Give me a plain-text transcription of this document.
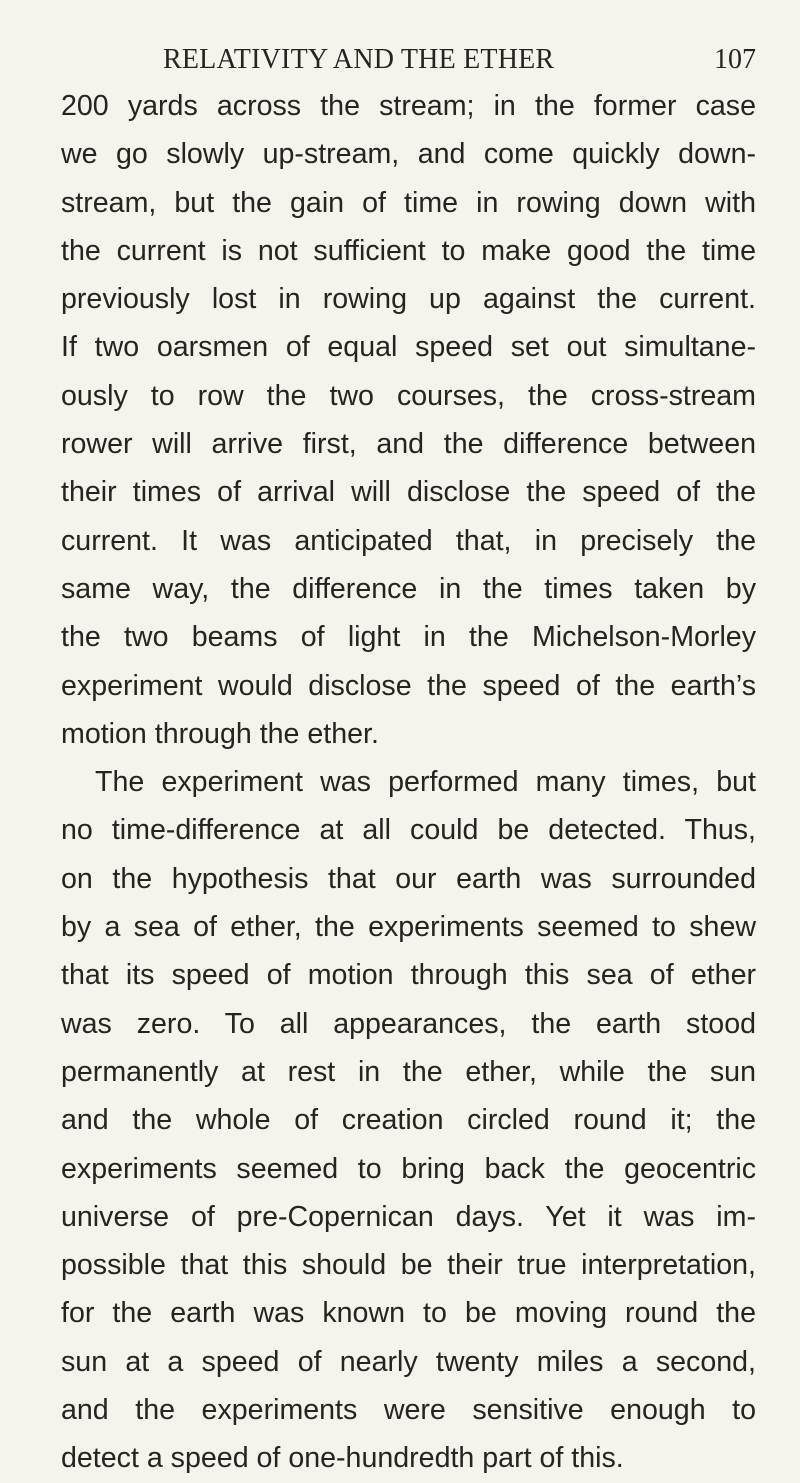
RELATIVITY AND THE ETHER	107
200 yards across the stream; in the former case
we go slowly up-stream, and come quickly down-
stream, but the gain of time in rowing down with
the current is not sufficient to make good the time
previously lost in rowing up against the current.
If two oarsmen of equal speed set out simultane-
ously to row the two courses, the cross-stream
rower will arrive first, and the difference between
their times of arrival will disclose the speed of the
current. It was anticipated that, in precisely the
same way, the difference in the times taken by
the two beams of light in the Michelson-Morley
experiment would disclose the speed of the earth’s
motion through the ether.
The experiment was performed many times, but
no time-difference at all could be detected. Thus,
on the hypothesis that our earth was surrounded
by a sea of ether, the experiments seemed to shew
that its speed of motion through this sea of ether
was zero. To all appearances, the earth stood
permanently at rest in the ether, while the sun
and the whole of creation circled round it; the
experiments seemed to bring back the geocentric
universe of pre-Copernican days. Yet it was im-
possible that this should be their true interpretation,
for the earth was known to be moving round the
sun at a speed of nearly twenty miles a second,
and the experiments were sensitive enough to
detect a speed of one-hundredth part of this.
